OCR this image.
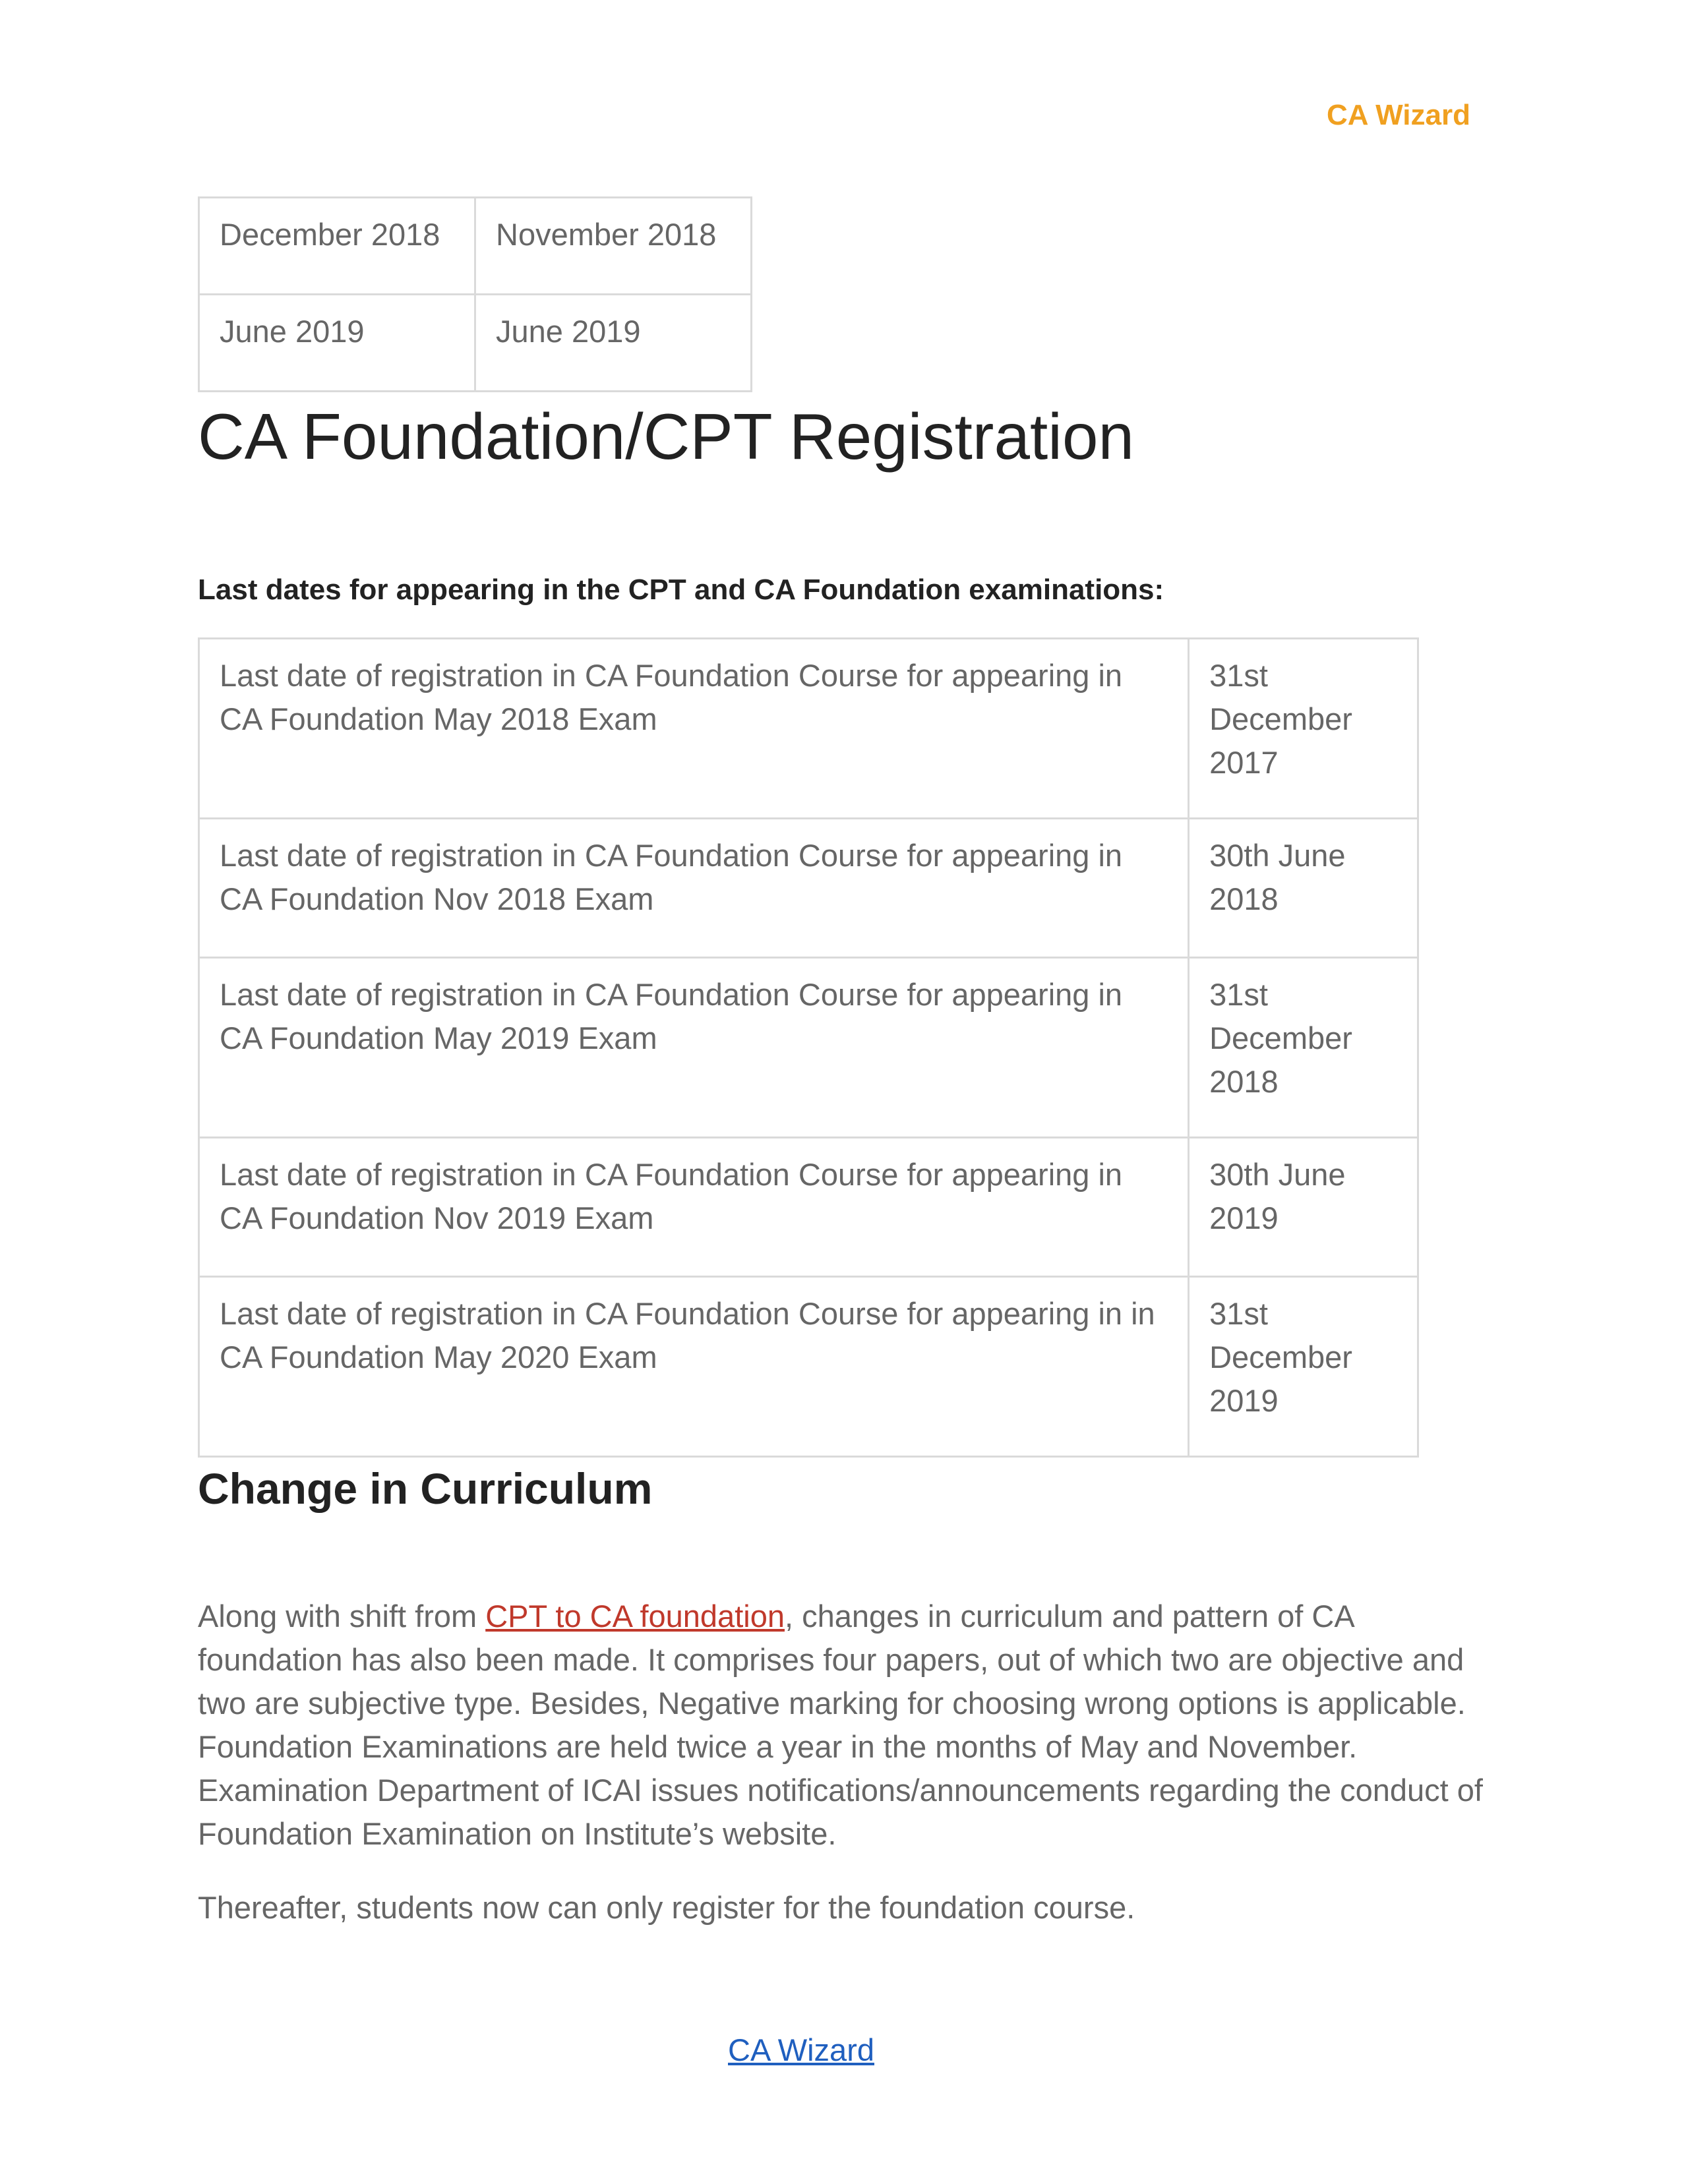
CA Wizard
December 2018	November 2018
June 2019	June 2019
CA Foundation/CPT Registration
Last dates for appearing in the CPT and CA Foundation examinations:
Last date of registration in CA Foundation Course for appearing in CA Foundation May 2018 Exam	31st December 2017
Last date of registration in CA Foundation Course for appearing in CA Foundation Nov 2018 Exam	30th June 2018
Last date of registration in CA Foundation Course for appearing in CA Foundation May 2019 Exam	31st December 2018
Last date of registration in CA Foundation Course for appearing in CA Foundation Nov 2019 Exam	30th June 2019
Last date of registration in CA Foundation Course for appearing in in CA Foundation May 2020 Exam	31st December 2019
Change in Curriculum

Along with shift from CPT to CA foundation, changes in curriculum and pattern of CA foundation has also been made. It comprises four papers, out of which two are objective and two are subjective type. Besides, Negative marking for choosing wrong options is applicable. Foundation Examinations are held twice a year in the months of May and November. Examination Department of ICAI issues notifications/announcements regarding the conduct of Foundation Examination on Institute’s website.

Thereafter, students now can only register for the foundation course.

CA Wizard
